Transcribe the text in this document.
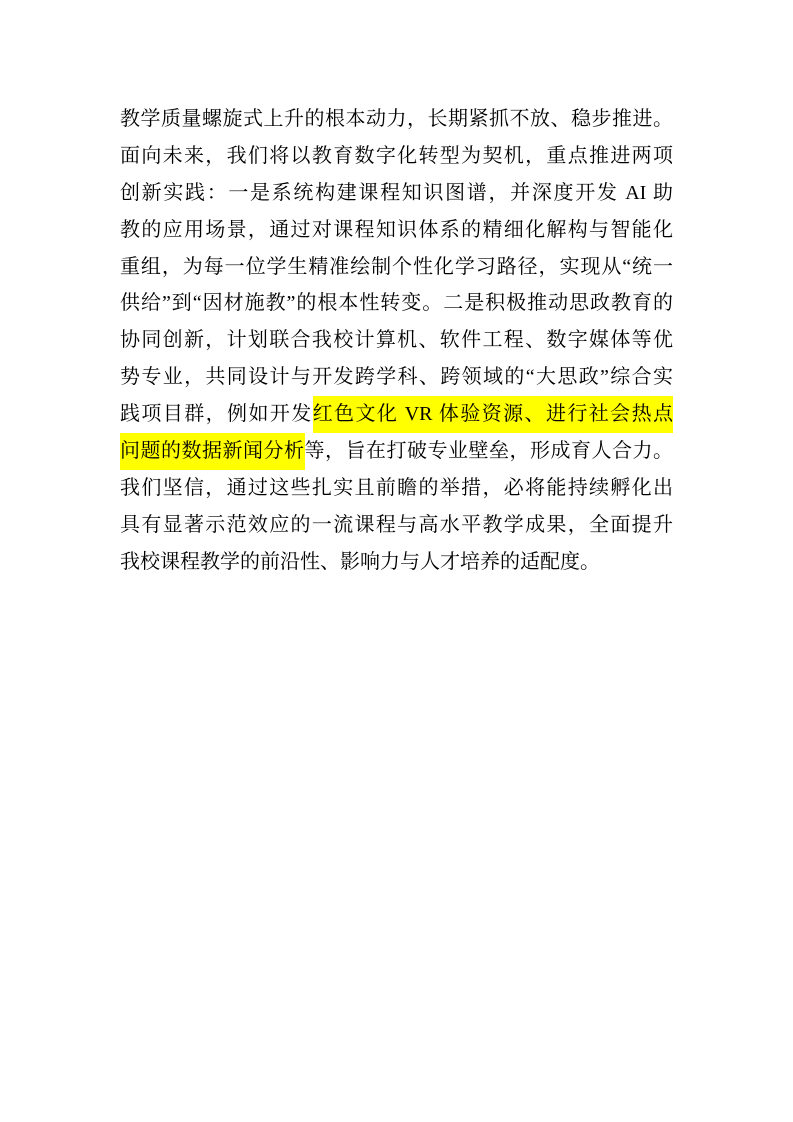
教学质量螺旋式上升的根本动力，长期紧抓不放、稳步推进。
面向未来，我们将以教育数字化转型为契机，重点推进两项
创新实践：一是系统构建课程知识图谱，并深度开发 AI 助
教的应用场景，通过对课程知识体系的精细化解构与智能化
重组，为每一位学生精准绘制个性化学习路径，实现从“统一
供给”到“因材施教”的根本性转变。二是积极推动思政教育的
协同创新，计划联合我校计算机、软件工程、数字媒体等优
势专业，共同设计与开发跨学科、跨领域的“大思政”综合实
践项目群，例如开发红色文化 VR 体验资源、进行社会热点
问题的数据新闻分析等，旨在打破专业壁垒，形成育人合力。
我们坚信，通过这些扎实且前瞻的举措，必将能持续孵化出
具有显著示范效应的一流课程与高水平教学成果，全面提升
我校课程教学的前沿性、影响力与人才培养的适配度。
